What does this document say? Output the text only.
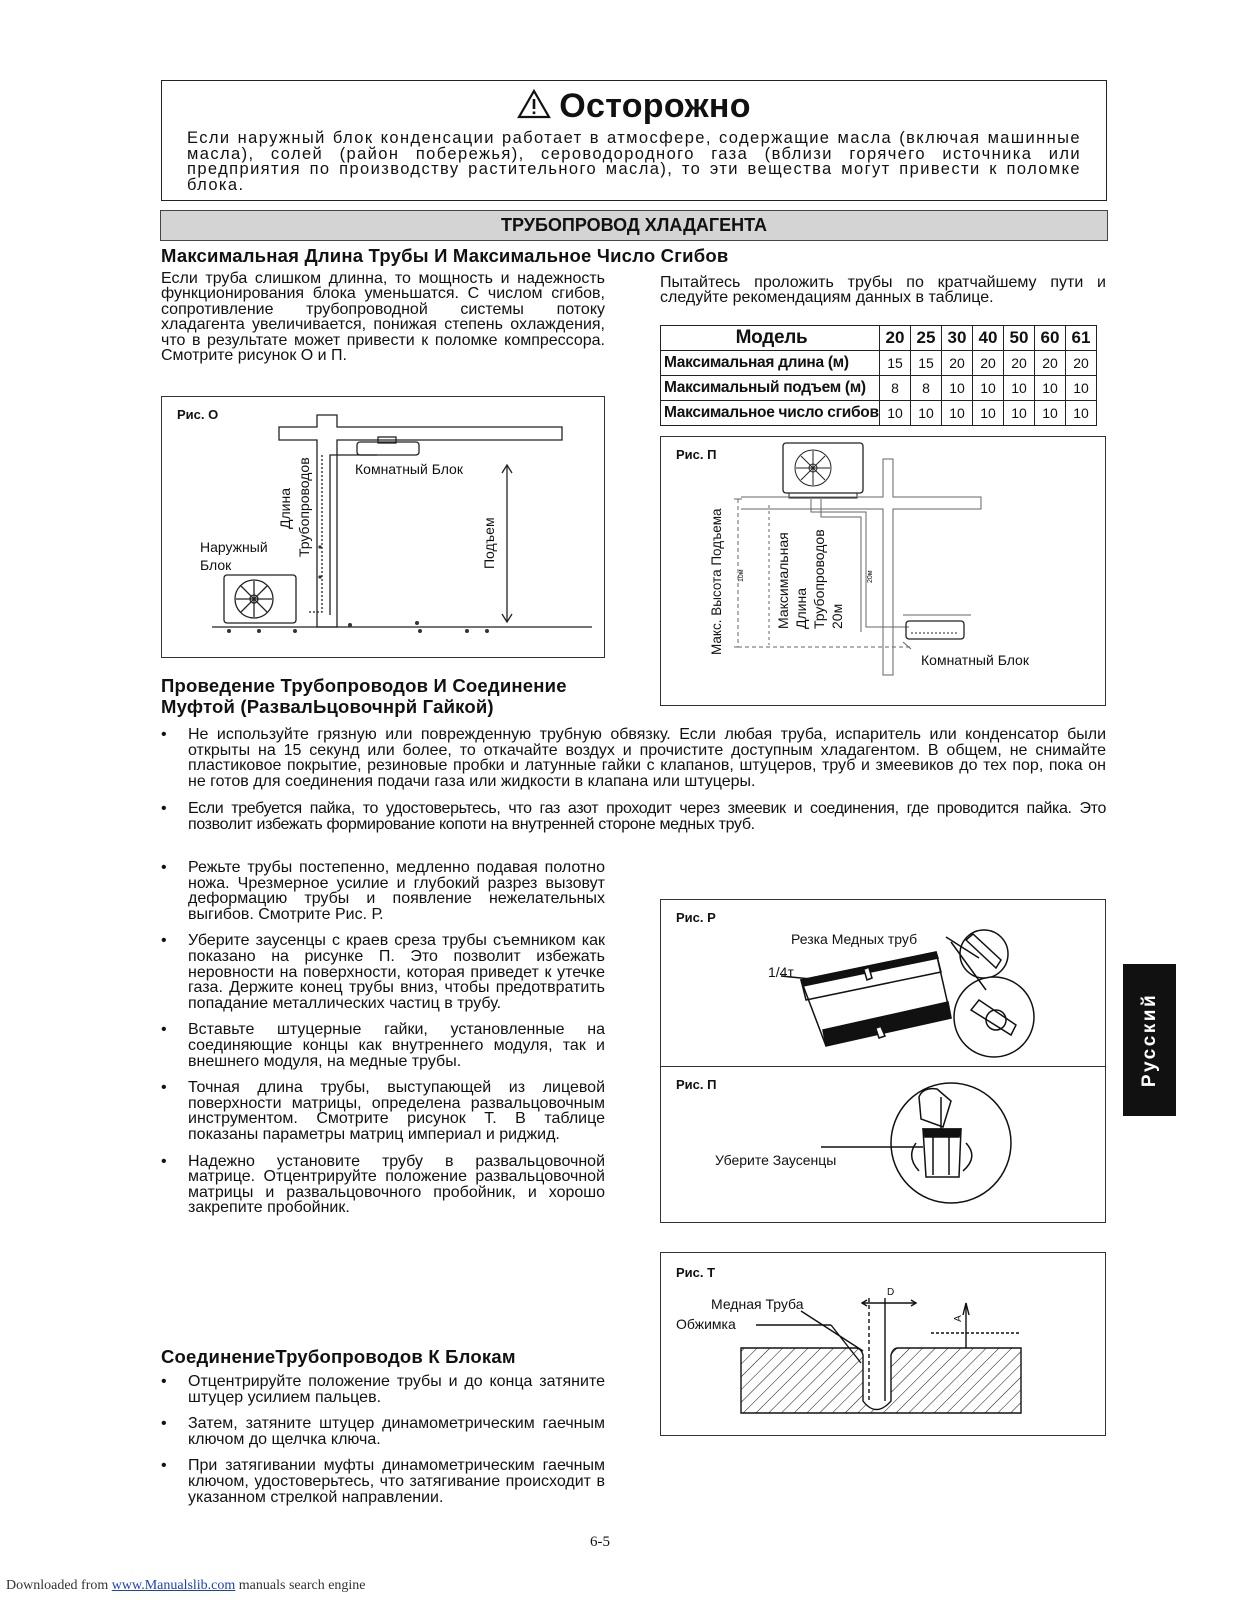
Осторожно
Если наружный блок конденсации работает в атмосфере, содержащие масла (включая машинные масла), солей (район побережья), сероводородного газа (вблизи горячего источника или предприятия по производству растительного масла), то эти вещества могут привести к поломке блока.
ТРУБОПРОВОД ХЛАДАГЕНТА
Максимальная Длина Трубы И Максимальное Число Сгибов
Если труба слишком длинна, то мощность и надежность функционирования блока уменьшатся. С числом сгибов, сопротивление трубопроводной системы потоку хладагента увеличивается, понижая степень охлаждения, что в результате может привести к поломке компрессора. Смотрите рисунок О и П.
Пытайтесь проложить трубы по кратчайшему пути и следуйте рекомендациям данных в таблице.
Модель	20	25	30	40	50	60	61
Максимальная длина (м)	15	15	20	20	20	20	20
Максимальный подъем (м)	8	8	10	10	10	10	10
Максимальное число сгибов	10	10	10	10	10	10	10
Рис. О
Комнатный Блок
Наружный
Блок
Длина Трубопроводов	Подъем
Рис. П
Макс. Высота Подъема 10м Максимальная Длина Трубопроводов 20м
20м
Комнатный Блок
Проведение Трубопроводов И Соединение
Муфтой (РазвалЬцовочнрй Гайкой)
• Не используйте грязную или поврежденную трубную обвязку. Если любая труба, испаритель или конденсатор были открыты на 15 секунд или более, то откачайте воздух и прочистите доступным хладагентом. В общем, не снимайте пластиковое покрытие, резиновые пробки и латунные гайки с клапанов, штуцеров, труб и змеевиков до тех пор, пока он не готов для соединения подачи газа или жидкости в клапана или штуцеры.
• Если требуется пайка, то удостоверьтесь, что газ азот проходит через змеевик и соединения, где проводится пайка. Это позволит избежать формирование копоти на внутренней стороне медных труб.
• Режьте трубы постепенно, медленно подавая полотно ножа. Чрезмерное усилие и глубокий разрез вызовут деформацию трубы и появление нежелательных выгибов. Смотрите Рис. Р.
• Уберите заусенцы с краев среза трубы съемником как показано на рисунке П. Это позволит избежать неровности на поверхности, которая приведет к утечке газа. Держите конец трубы вниз, чтобы предотвратить попадание металлических частиц в трубу.
• Вставьте штуцерные гайки, установленные на соединяющие концы как внутреннего модуля, так и внешнего модуля, на медные трубы.
• Точная длина трубы, выступающей из лицевой поверхности матрицы, определена развальцовочным инструментом. Смотрите рисунок Т. В таблице показаны параметры матриц империал и риджид.
• Надежно установите трубу в развальцовочной матрице. Отцентрируйте положение развальцовочной матрицы и развальцовочного пробойник, и хорошо закрепите пробойник.
СоединениеТрубопроводов К Блокам
• Отцентрируйте положение трубы и до конца затяните штуцер усилием пальцев.
• Затем, затяните штуцер динамометрическим гаечным ключом до щелчка ключа.
• При затягивании муфты динамометрическим гаечным ключом, удостоверьтесь, что затягивание происходит в указанном стрелкой направлении.
Рис. Р
Резка Медных труб
1/4т
Рис. П
Уберите Заусенцы
Рис. Т
Медная Труба
Обжимка
D
A
Русский
6-5
Downloaded from www.Manualslib.com manuals search engine
